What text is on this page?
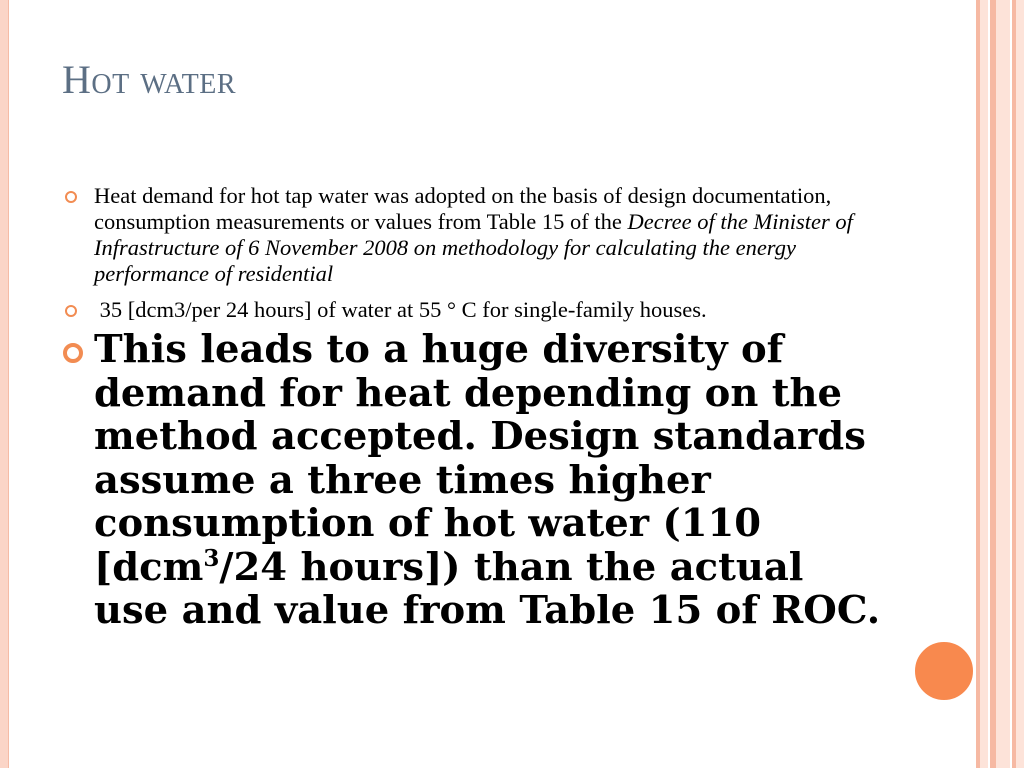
Hot water
Heat demand for hot tap water was adopted on the basis of design documentation, consumption measurements or values from Table 15 of the Decree of the Minister of Infrastructure of 6 November 2008 on methodology for calculating the energy performance of residential
35 [dcm3/per 24 hours] of water at 55 ° C for single-family houses.
This leads to a huge diversity of demand for heat depending on the method accepted. Design standards assume a three times higher consumption of hot water (110 [dcm$^3$/24 hours]) than the actual use and value from Table 15 of ROC.
